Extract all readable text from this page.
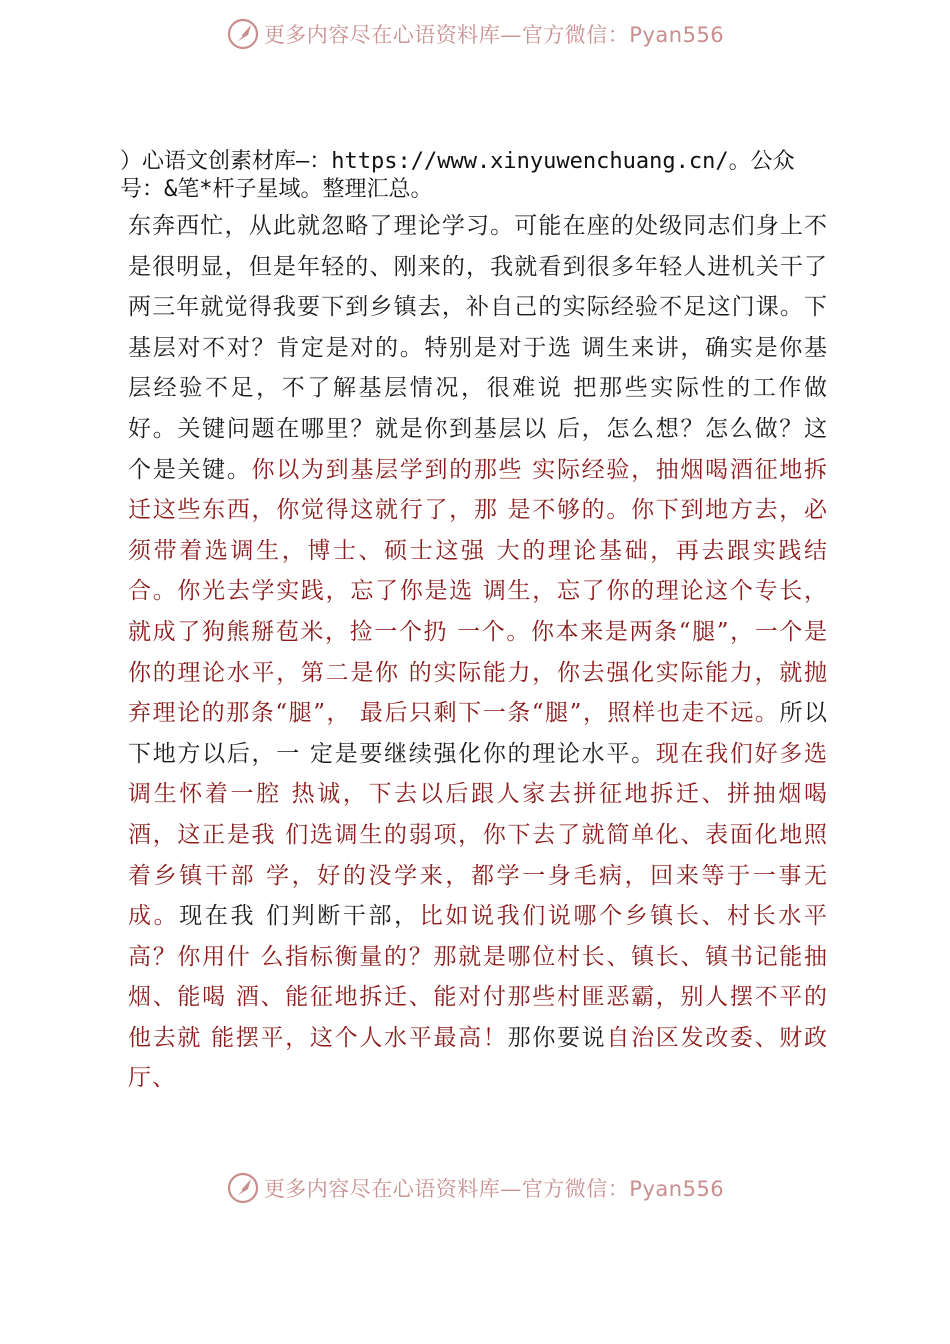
更多内容尽在心语资料库—官方微信：Pyan556
）心语文创素材库—：https://www.xinyuwenchuang.cn/。公众号：&笔*杆子星域。整理汇总。

东奔西忙，从此就忽略了理论学习。可能在座的处级同志们身上不是很明显，但是年轻的、刚来的，我就看到很多年轻人进机关干了两三年就觉得我要下到乡镇去，补自己的实际经验不足这门课。下基层对不对？肯定是对的。特别是对于选 调生来讲，确实是你基层经验不足，不了解基层情况，很难说 把那些实际性的工作做好。关键问题在哪里？就是你到基层以 后，怎么想？怎么做？这个是关键。你以为到基层学到的那些 实际经验，抽烟喝酒征地拆迁这些东西，你觉得这就行了，那 是不够的。你下到地方去，必须带着选调生，博士、硕士这强 大的理论基础，再去跟实践结合。你光去学实践，忘了你是选 调生，忘了你的理论这个专长，就成了狗熊掰苞米，捡一个扔 一个。你本来是两条“腿”，一个是你的理论水平，第二是你 的实际能力，你去强化实际能力，就抛弃理论的那条“腿”， 最后只剩下一条“腿”，照样也走不远。所以下地方以后，一 定是要继续强化你的理论水平。现在我们好多选调生怀着一腔 热诚，下去以后跟人家去拼征地拆迁、拼抽烟喝酒，这正是我 们选调生的弱项，你下去了就简单化、表面化地照着乡镇干部 学，好的没学来，都学一身毛病，回来等于一事无成。现在我 们判断干部，比如说我们说哪个乡镇长、村长水平高？你用什 么指标衡量的？那就是哪位村长、镇长、镇书记能抽烟、能喝 酒、能征地拆迁、能对付那些村匪恶霸，别人摆不平的他去就 能摆平，这个人水平最高！那你要说自治区发改委、财政厅、

更多内容尽在心语资料库—官方微信：Pyan556
